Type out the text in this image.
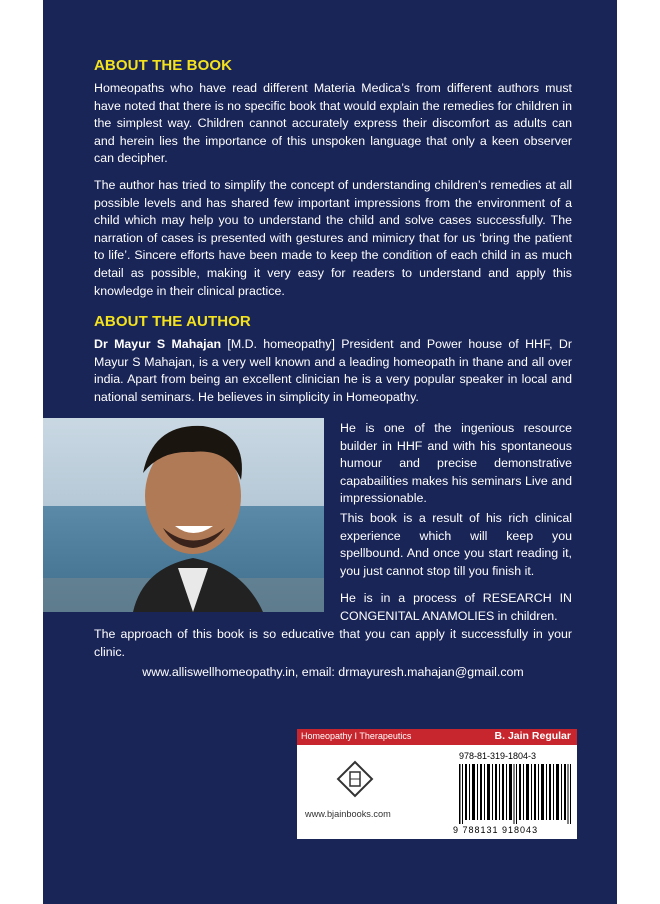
ABOUT THE BOOK

Homeopaths who have read different Materia Medica’s from different authors must have noted that there is no specific book that would explain the remedies for children in the simplest way. Children cannot accurately express their discomfort as adults can and herein lies the importance of this unspoken language that only a keen observer can decipher.

The author has tried to simplify the concept of understanding children’s remedies at all possible levels and has shared few important impressions from the environment of a child which may help you to understand the child and solve cases successfully. The narration of cases is presented with gestures and mimicry that for us ‘bring the patient to life’. Sincere efforts have been made to keep the condition of each child in as much detail as possible, making it very easy for readers to understand and apply this knowledge in their clinical practice.

ABOUT THE AUTHOR

Dr Mayur S Mahajan [M.D. homeopathy] President and Power house of HHF, Dr Mayur S Mahajan, is a very well known and a leading homeopath in thane and all over india. Apart from being an excellent clinician he is a very popular speaker in local and national seminars. He believes in simplicity in Homeopathy.

He is one of the ingenious resource builder in HHF and with his spontaneous humour and precise demonstrative capabailities makes his seminars Live and impressionable.

This book is a result of his rich clinical experience which will keep you spellbound. And once you start reading it, you just cannot stop till you finish it.

He is in a process of RESEARCH IN CONGENITAL ANAMOLIES in children.

The approach of this book is so educative that you can apply it successfully in your clinic.

www.alliswellhomeopathy.in, email: drmayuresh.mahajan@gmail.com
Homeopathy I Therapeutics	B. Jain Regular
www.bjainbooks.com
978-81-319-1804-3
9 788131 918043
